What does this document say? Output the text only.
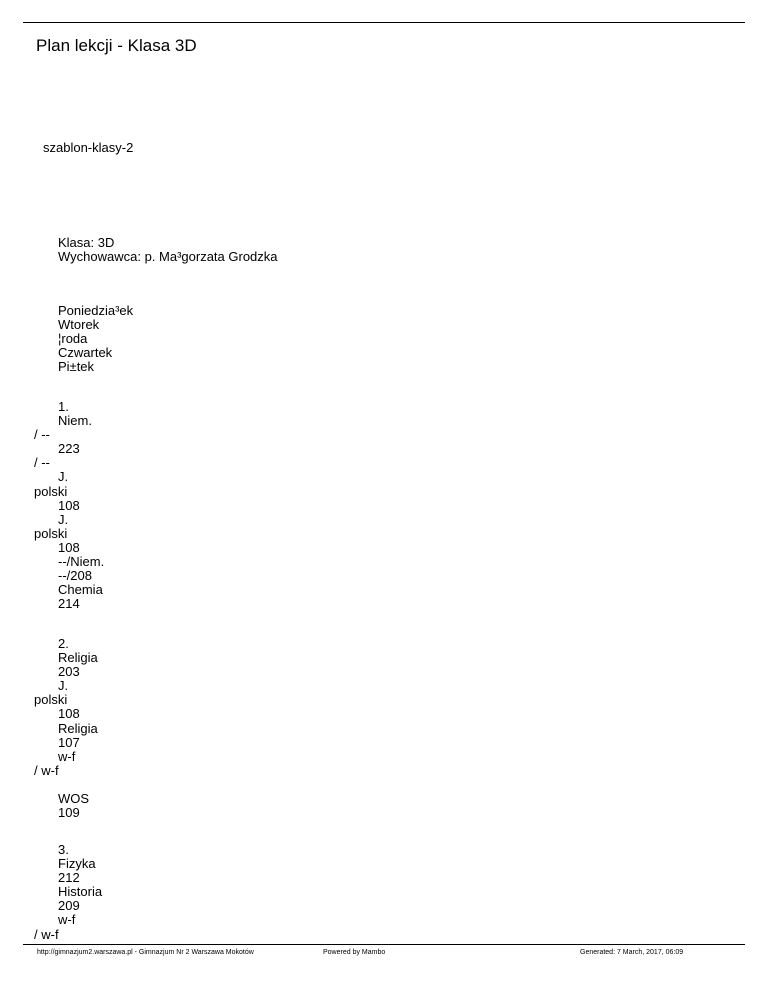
Plan lekcji - Klasa 3D
szablon-klasy-2
Klasa: 3D
Wychowawca: p. Ma³gorzata Grodzka
Poniedzia³ek
Wtorek
¦roda
Czwartek
Pi±tek
1.
Niem.
/ --
223
/ --
J.
polski
108
J.
polski
108
--/Niem.
--/208
Chemia
214
2.
Religia
203
J.
polski
108
Religia
107
w-f
/ w-f
WOS
109
3.
Fizyka
212
Historia
209
w-f
/ w-f
http://gimnazjum2.warszawa.pl - Gimnazjum Nr 2 Warszawa Mokotów	Powered by Mambo	Generated: 7 March, 2017, 06:09
